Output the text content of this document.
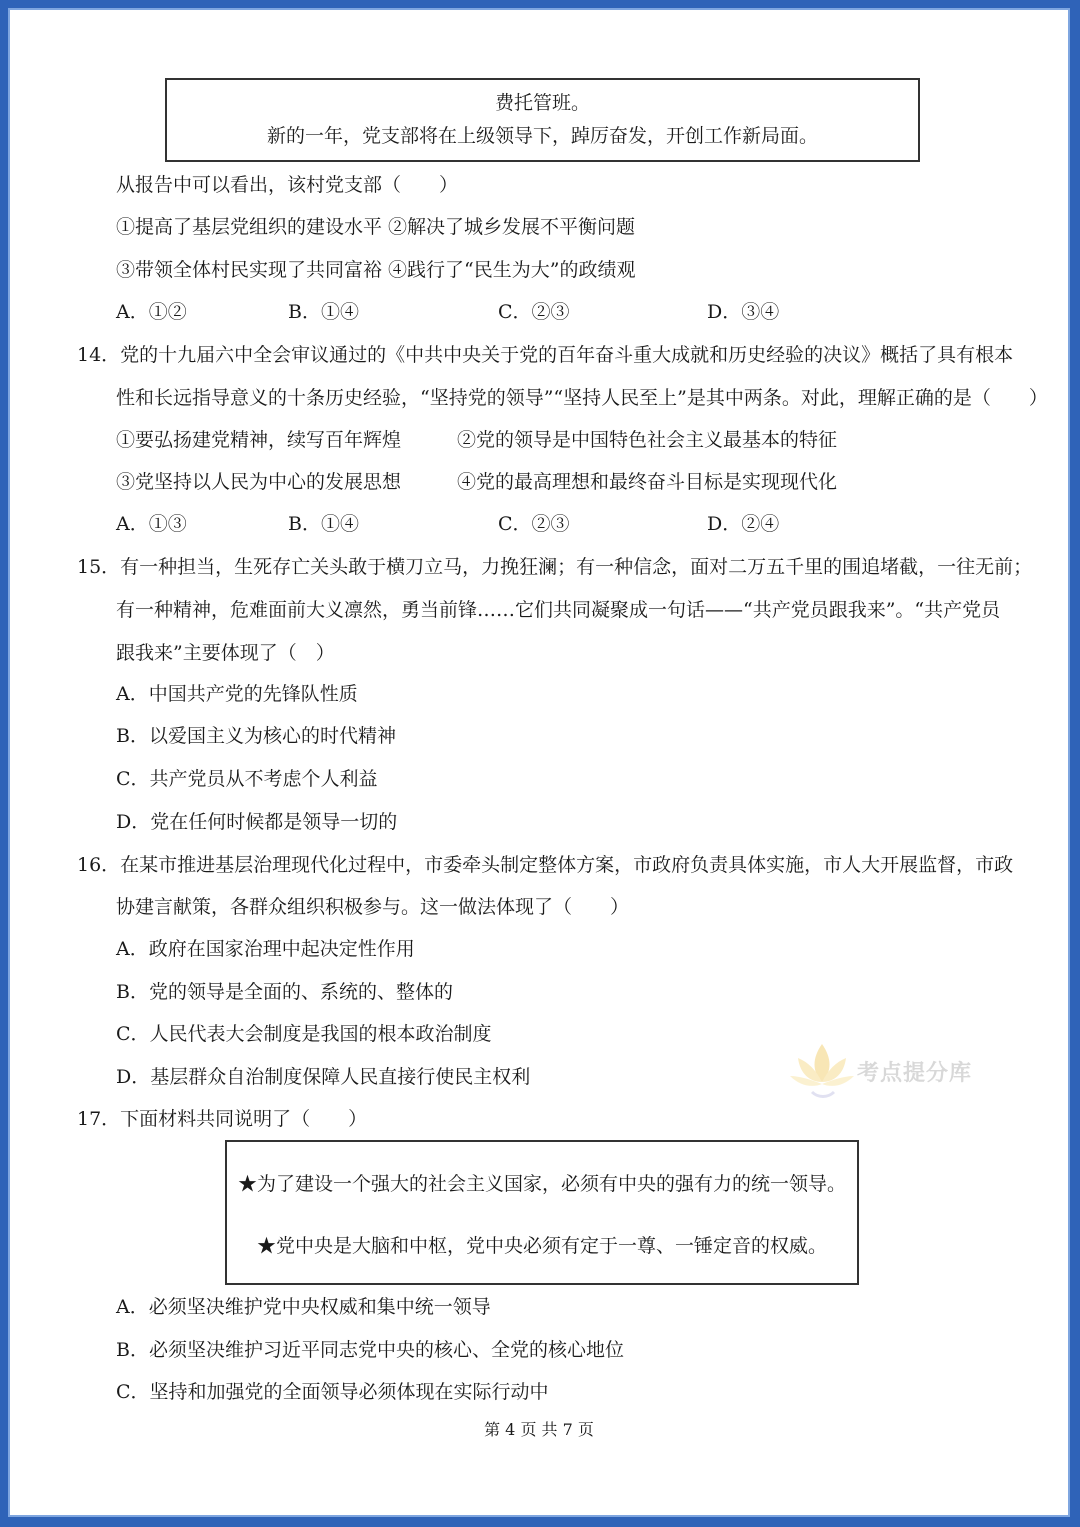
费托管班。
新的一年，党支部将在上级领导下，踔厉奋发，开创工作新局面。
从报告中可以看出，该村党支部（　　）
①提高了基层党组织的建设水平 ②解决了城乡发展不平衡问题
③带领全体村民实现了共同富裕 ④践行了“民生为大”的政绩观
A．①②	B．①④	C．②③	D．③④
14．党的十九届六中全会审议通过的《中共中央关于党的百年奋斗重大成就和历史经验的决议》概括了具有根本
性和长远指导意义的十条历史经验，“坚持党的领导”“坚持人民至上”是其中两条。对此，理解正确的是（　　）
①要弘扬建党精神，续写百年辉煌	②党的领导是中国特色社会主义最基本的特征
③党坚持以人民为中心的发展思想	④党的最高理想和最终奋斗目标是实现现代化
A．①③	B．①④	C．②③	D．②④
15．有一种担当，生死存亡关头敢于横刀立马，力挽狂澜；有一种信念，面对二万五千里的围追堵截，一往无前；
有一种精神，危难面前大义凛然，勇当前锋……它们共同凝聚成一句话——“共产党员跟我来”。“共产党员
跟我来”主要体现了（　）
A．中国共产党的先锋队性质
B．以爱国主义为核心的时代精神
C．共产党员从不考虑个人利益
D．党在任何时候都是领导一切的
16．在某市推进基层治理现代化过程中，市委牵头制定整体方案，市政府负责具体实施，市人大开展监督，市政
协建言献策，各群众组织积极参与。这一做法体现了（　　）
A．政府在国家治理中起决定性作用
B．党的领导是全面的、系统的、整体的
C．人民代表大会制度是我国的根本政治制度
D．基层群众自治制度保障人民直接行使民主权利	考点提分库
17．下面材料共同说明了（　　）
★为了建设一个强大的社会主义国家，必须有中央的强有力的统一领导。
★党中央是大脑和中枢，党中央必须有定于一尊、一锤定音的权威。
A．必须坚决维护党中央权威和集中统一领导
B．必须坚决维护习近平同志党中央的核心、全党的核心地位
C．坚持和加强党的全面领导必须体现在实际行动中
第 4 页 共 7 页
